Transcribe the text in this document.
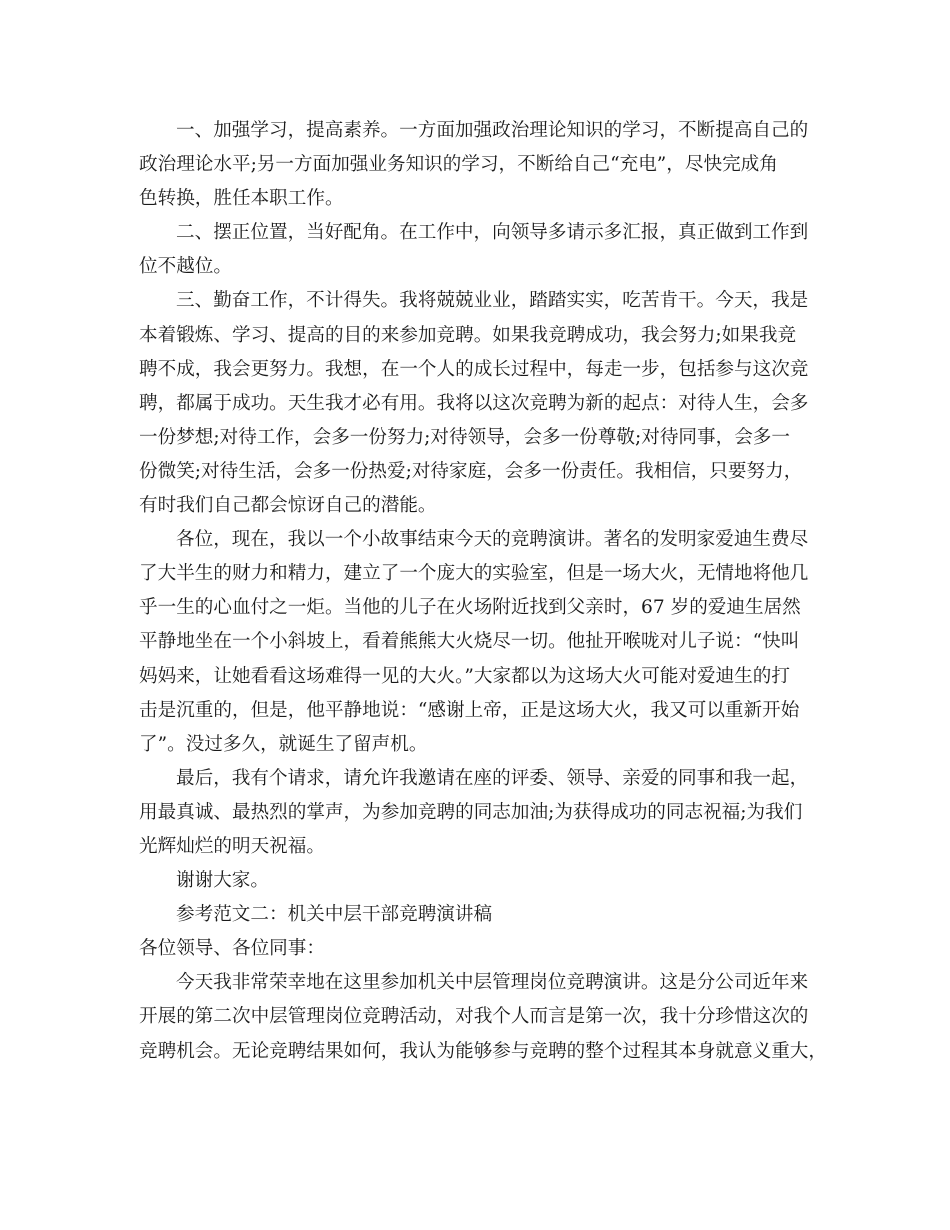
一、加强学习，提高素养。一方面加强政治理论知识的学习，不断提高自己的
政治理论水平;另一方面加强业务知识的学习，不断给自己“充电”，尽快完成角
色转换，胜任本职工作。
二、摆正位置，当好配角。在工作中，向领导多请示多汇报，真正做到工作到
位不越位。
三、勤奋工作，不计得失。我将兢兢业业，踏踏实实，吃苦肯干。今天，我是
本着锻炼、学习、提高的目的来参加竞聘。如果我竞聘成功，我会努力;如果我竞
聘不成，我会更努力。我想，在一个人的成长过程中，每走一步，包括参与这次竞
聘，都属于成功。天生我才必有用。我将以这次竞聘为新的起点：对待人生，会多
一份梦想;对待工作，会多一份努力;对待领导，会多一份尊敬;对待同事，会多一
份微笑;对待生活，会多一份热爱;对待家庭，会多一份责任。我相信，只要努力，
有时我们自己都会惊讶自己的潜能。
各位，现在，我以一个小故事结束今天的竞聘演讲。著名的发明家爱迪生费尽
了大半生的财力和精力，建立了一个庞大的实验室，但是一场大火，无情地将他几
乎一生的心血付之一炬。当他的儿子在火场附近找到父亲时，67 岁的爱迪生居然
平静地坐在一个小斜坡上，看着熊熊大火烧尽一切。他扯开喉咙对儿子说：“快叫
妈妈来，让她看看这场难得一见的大火。”大家都以为这场大火可能对爱迪生的打
击是沉重的，但是，他平静地说：“感谢上帝，正是这场大火，我又可以重新开始
了”。没过多久，就诞生了留声机。
最后，我有个请求，请允许我邀请在座的评委、领导、亲爱的同事和我一起，
用最真诚、最热烈的掌声，为参加竞聘的同志加油;为获得成功的同志祝福;为我们
光辉灿烂的明天祝福。
谢谢大家。
参考范文二：机关中层干部竞聘演讲稿
各位领导、各位同事：
今天我非常荣幸地在这里参加机关中层管理岗位竞聘演讲。这是分公司近年来
开展的第二次中层管理岗位竞聘活动，对我个人而言是第一次，我十分珍惜这次的
竞聘机会。无论竞聘结果如何，我认为能够参与竞聘的整个过程其本身就意义重大，
